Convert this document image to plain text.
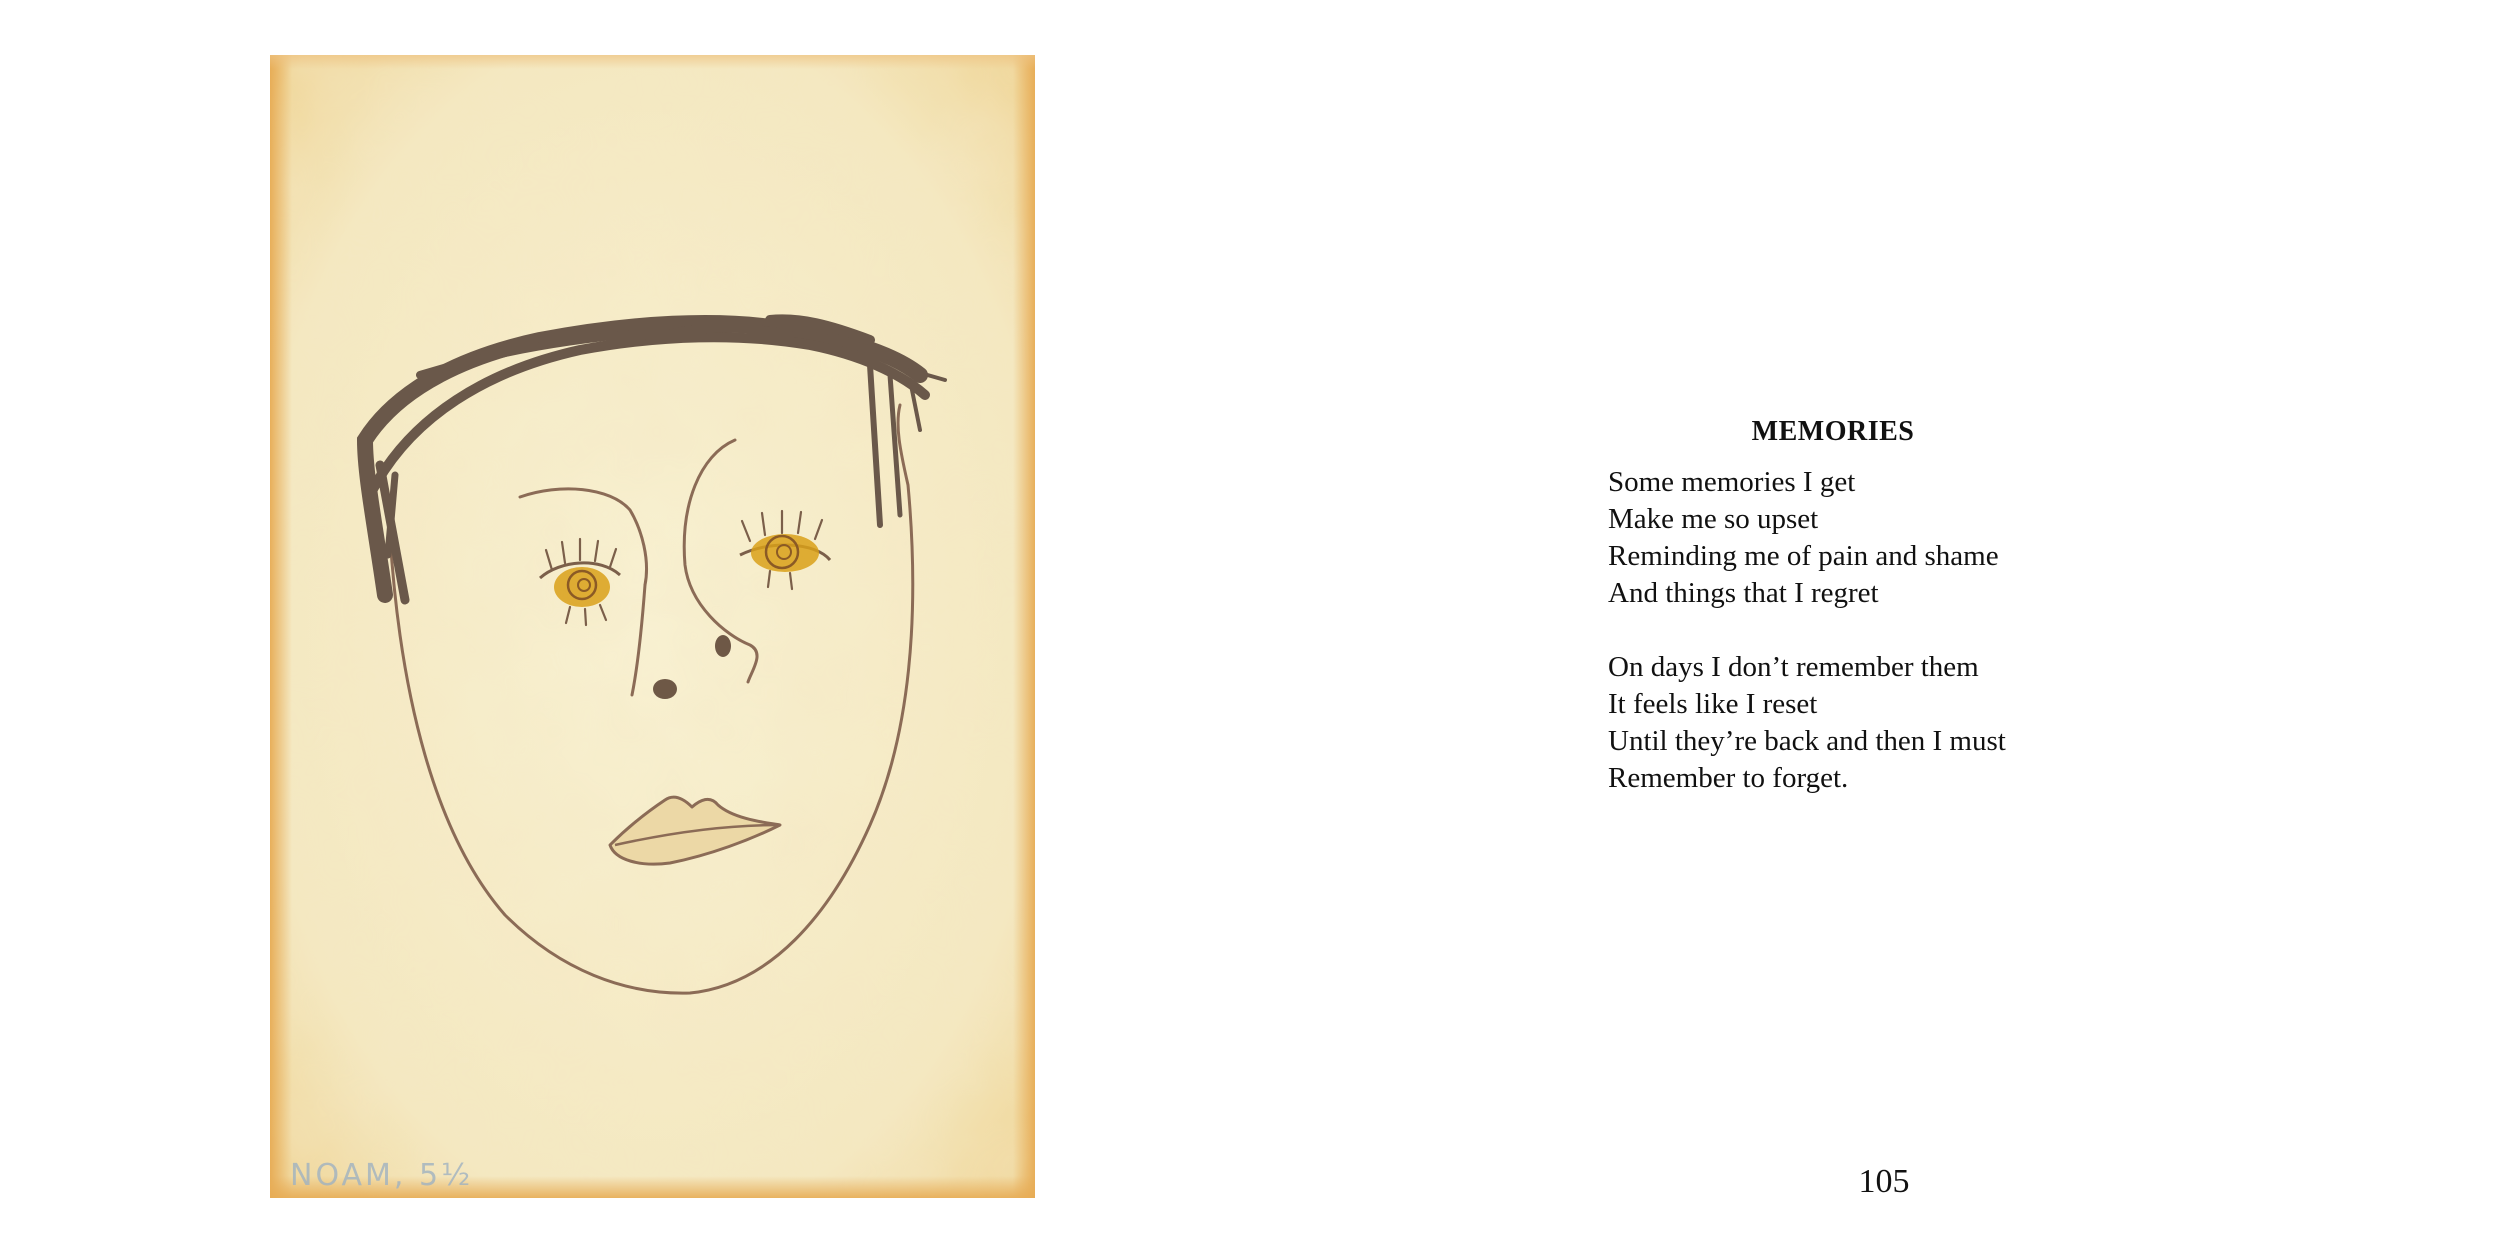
NOAM, 5½
MEMORIES
Some memories I get
Make me so upset
Reminding me of pain and shame
And things that I regret
On days I don’t remember them
It feels like I reset
Until they’re back and then I must
Remember to forget.
105
